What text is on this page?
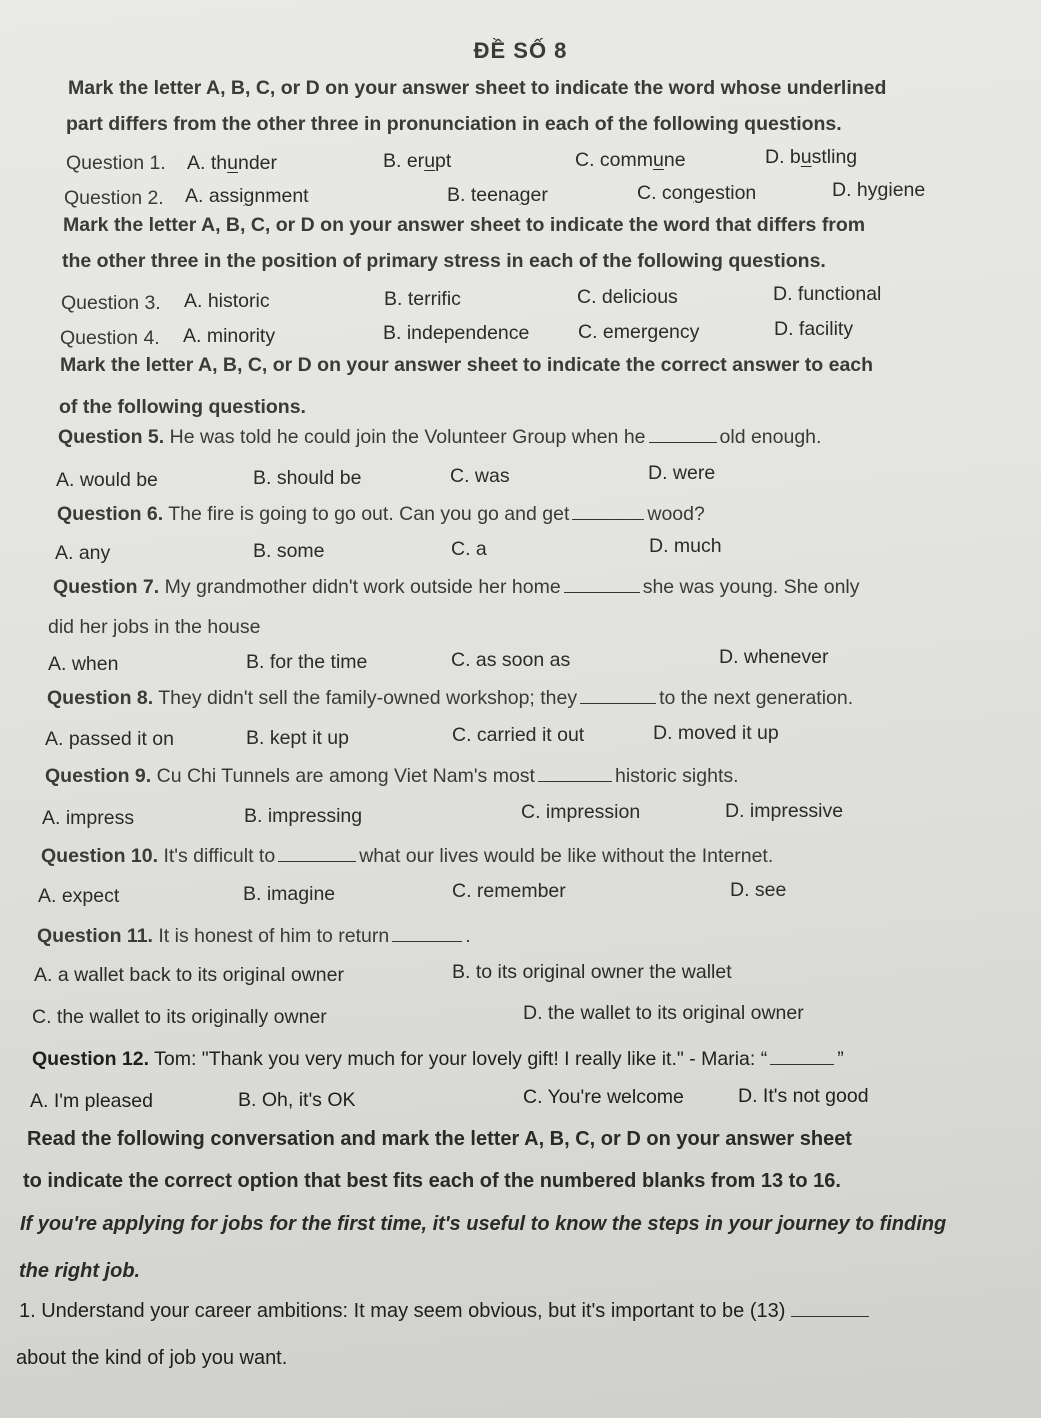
ĐỀ SỐ 8
Mark the letter A, B, C, or D on your answer sheet to indicate the word whose underlined
part differs from the other three in pronunciation in each of the following questions.
Question 1. A. thunder	B. erupt	C. commune	D. bustling
Question 2. A. assignment	B. teenager	C. congestion	D. hygiene
Mark the letter A, B, C, or D on your answer sheet to indicate the word that differs from
the other three in the position of primary stress in each of the following questions.
Question 3. A. historic	B. terrific	C. delicious	D. functional
Question 4. A. minority	B. independence C. emergency	D. facility
Mark the letter A, B, C, or D on your answer sheet to indicate the correct answer to each
of the following questions.
Question 5. He was told he could join the Volunteer Group when he	old enough.
A. would be	B. should be	C. was	D. were
Question 6. The fire is going to go out. Can you go and get	wood?
A. any	B. some	C. a	D. much
Question 7. My grandmother didn't work outside her home	she was young. She only
did her jobs in the house
A. when	B. for the time	C. as soon as	D. whenever
Question 8. They didn't sell the family-owned workshop; they	to the next generation.
A. passed it on	B. kept it up	C. carried it out	D. moved it up
Question 9. Cu Chi Tunnels are among Viet Nam's most	historic sights.
A. impress	B. impressing	C. impression	D. impressive
Question 10. It's difficult to	what our lives would be like without the Internet.
A. expect	B. imagine	C. remember	D. see
Question 11. It is honest of him to return	.
A. a wallet back to its original owner	B. to its original owner the wallet
C. the wallet to its originally owner	D. the wallet to its original owner
Question 12. Tom: "Thank you very much for your lovely gift! I really like it." - Maria: “	”
A. I'm pleased	B. Oh, it's OK	C. You're welcome	D. It's not good
Read the following conversation and mark the letter A, B, C, or D on your answer sheet
to indicate the correct option that best fits each of the numbered blanks from 13 to 16.
If you're applying for jobs for the first time, it's useful to know the steps in your journey to finding
the right job.
1. Understand your career ambitions: It may seem obvious, but it's important to be (13)
about the kind of job you want.
